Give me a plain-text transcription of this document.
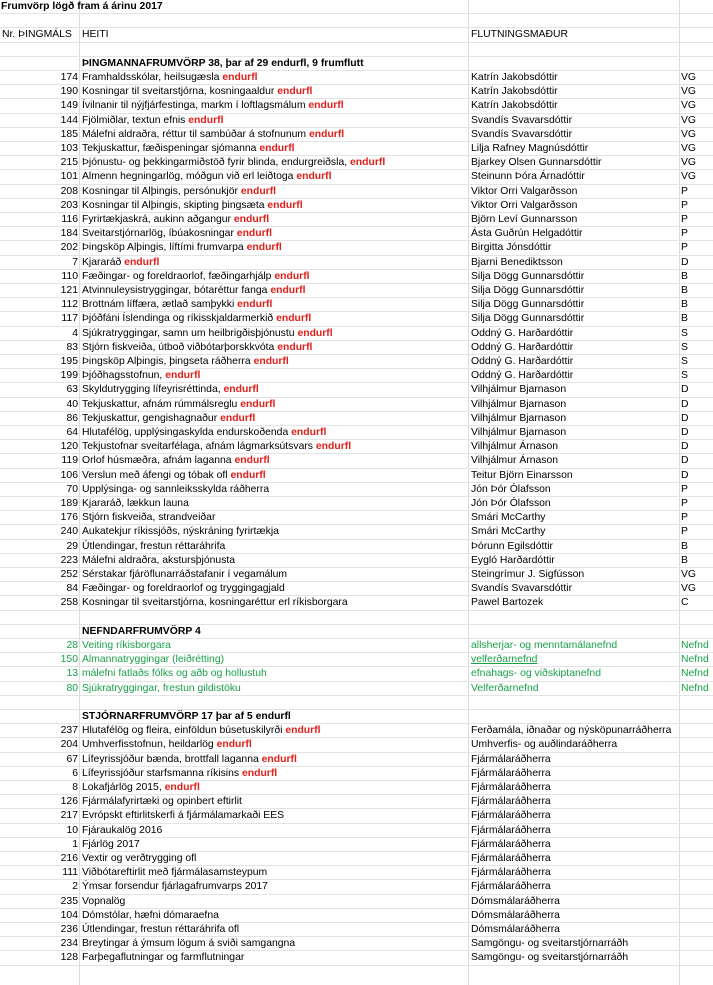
Frumvörp lögð fram á árinu 2017
Nr. ÞINGMÁLS HEITI	FLUTNINGSMAÐUR
ÞINGMANNAFRUMVÖRP 38, þar af 29 endurfl, 9 frumflutt
174 Framhaldsskólar, heilsugæsla endurfl	Katrín Jakobsdóttir	VG
190 Kosningar til sveitarstjórna, kosningaaldur endurfl	Katrín Jakobsdóttir	VG
149 Ívilnanir til nýjfjárfestinga, markm í loftlagsmálum endurfl	Katrín Jakobsdóttir	VG
144 Fjölmiðlar, textun efnis endurfl	Svandís Svavarsdóttir	VG
185 Málefni aldraðra, réttur til sambúðar á stofnunum endurfl	Svandís Svavarsdóttir	VG
103 Tekjuskattur, fæðispeningar sjómanna endurfl	Lilja Rafney Magnúsdóttir	VG
215 Þjónustu- og þekkingarmiðstöð fyrir blinda, endurgreiðsla, endurfl	Bjarkey Olsen Gunnarsdóttir	VG
101 Almenn hegningarlög, móðgun við erl leiðtoga endurfl	Steinunn Þóra Árnadóttir	VG
208 Kosningar til Alþingis, persónukjör endurfl	Viktor Orri Valgarðsson	P
203 Kosningar til Alþingis, skipting þingsæta endurfl	Viktor Orri Valgarðsson	P
116 Fyrirtækjaskrá, aukinn aðgangur endurfl	Björn Leví Gunnarsson	P
184 Sveitarstjórnarlög, íbúakosningar endurfl	Ásta Guðrún Helgadóttir	P
202 Þingsköp Alþingis, líftími frumvarpa endurfl	Birgitta Jónsdóttir	P
7 Kjararáð endurfl	Bjarni Benediktsson	D
110 Fæðingar- og foreldraorlof, fæðingarhjálp endurfl	Silja Dögg Gunnarsdóttir	B
121 Atvinnuleysistryggingar, bótaréttur fanga endurfl	Silja Dögg Gunnarsdóttir	B
112 Brottnám líffæra, ætlað samþykki endurfl	Silja Dögg Gunnarsdóttir	B
117 Þjóðfáni Íslendinga og ríkisskjaldarmerkið endurfl	Silja Dögg Gunnarsdóttir	B
4 Sjúkratryggingar, samn um heilbrigðisþjónustu endurfl	Oddný G. Harðardóttir	S
83 Stjórn fiskveiða, útboð viðbótarþorskkvóta endurfl	Oddný G. Harðardóttir	S
195 Þingsköp Alþingis, þingseta ráðherra endurfl	Oddný G. Harðardóttir	S
199 Þjóðhagsstofnun, endurfl	Oddný G. Harðardóttir	S
63 Skyldutrygging lífeyrisréttinda, endurfl	Vilhjálmur Bjarnason	D
40 Tekjuskattur, afnám rúmmálsreglu endurfl	Vilhjálmur Bjarnason	D
86 Tekjuskattur, gengishagnaður endurfl	Vilhjálmur Bjarnason	D
64 Hlutafélög, upplýsingaskylda endurskoðenda endurfl	Vilhjálmur Bjarnason	D
120 Tekjustofnar sveitarfélaga, afnám lágmarksútsvars endurfl	Vilhjálmur Árnason	D
119 Orlof húsmæðra, afnám laganna endurfl	Vilhjálmur Árnason	D
106 Verslun með áfengi og tóbak ofl endurfl	Teitur Björn Einarsson	D
70 Upplýsinga- og sannleiksskylda ráðherra	Jón Þór Ólafsson	P
189 Kjararáð, lækkun launa	Jón Þór Ólafsson	P
176 Stjórn fiskveiða, strandveiðar	Smári McCarthy	P
240 Aukatekjur ríkissjóðs, nýskráning fyrirtækja	Smári McCarthy	P
29 Útlendingar, frestun réttaráhrifa	Þórunn Egilsdóttir	B
223 Málefni aldraðra, akstursþjónusta	Eygló Harðardóttir	B
252 Sérstakar fjáröflunarráðstafanir í vegamálum	Steingrímur J. Sigfússon	VG
84 Fæðingar- og foreldraorlof og tryggingagjald	Svandís Svavarsdóttir	VG
258 Kosningar til sveitarstjórna, kosningaréttur erl ríkisborgara	Pawel Bartozek	C
NEFNDARFRUMVÖRP 4
28 Veiting ríkisborgara	allsherjar- og menntamálanefnd	Nefnd
150 Almannatryggingar (leiðrétting)	velferðarnefnd	Nefnd
13 málefni fatlaðs fólks og aðb og hollustuh	efnahags- og viðskiptanefnd	Nefnd
80 Sjúkratryggingar, frestun gildistöku	Velferðarnefnd	Nefnd
STJÓRNARFRUMVÖRP 17 þar af 5 endurfl
237 Hlutafélög og fleira, einföldun búsetuskilyrði endurfl	Ferðamála, iðnaðar og nýsköpunarráðherra
204 Umhverfisstofnun, heildarlög endurfl	Umhverfis- og auðlindaráðherra
67 Lífeyrissjóður bænda, brottfall laganna endurfl	Fjármálaráðherra
6 Lífeyrissjóður starfsmanna ríkisins endurfl	Fjármálaráðherra
8 Lokafjárlög 2015, endurfl	Fjármálaráðherra
126 Fjármálafyrirtæki og opinbert eftirlit	Fjármálaráðherra
217 Evrópskt eftirlitskerfi á fjármálamarkaði EES	Fjármálaráðherra
10 Fjáraukalög 2016	Fjármálaráðherra
1 Fjárlög 2017	Fjármálaráðherra
216 Vextir og verðtrygging ofl	Fjármálaráðherra
111 Viðbótareftirlit með fjármálasamsteypum	Fjármálaráðherra
2 Ýmsar forsendur fjárlagafrumvarps 2017	Fjármálaráðherra
235 Vopnalög	Dómsmálaráðherra
104 Dómstólar, hæfni dómaraefna	Dómsmálaráðherra
236 Útlendingar, frestun réttaráhrifa ofl	Dómsmálaráðherra
234 Breytingar á ýmsum lögum á sviði samgangna	Samgöngu- og sveitarstjórnarráðh
128 Farþegaflutningar og farmflutningar	Samgöngu- og sveitarstjórnarráðh
